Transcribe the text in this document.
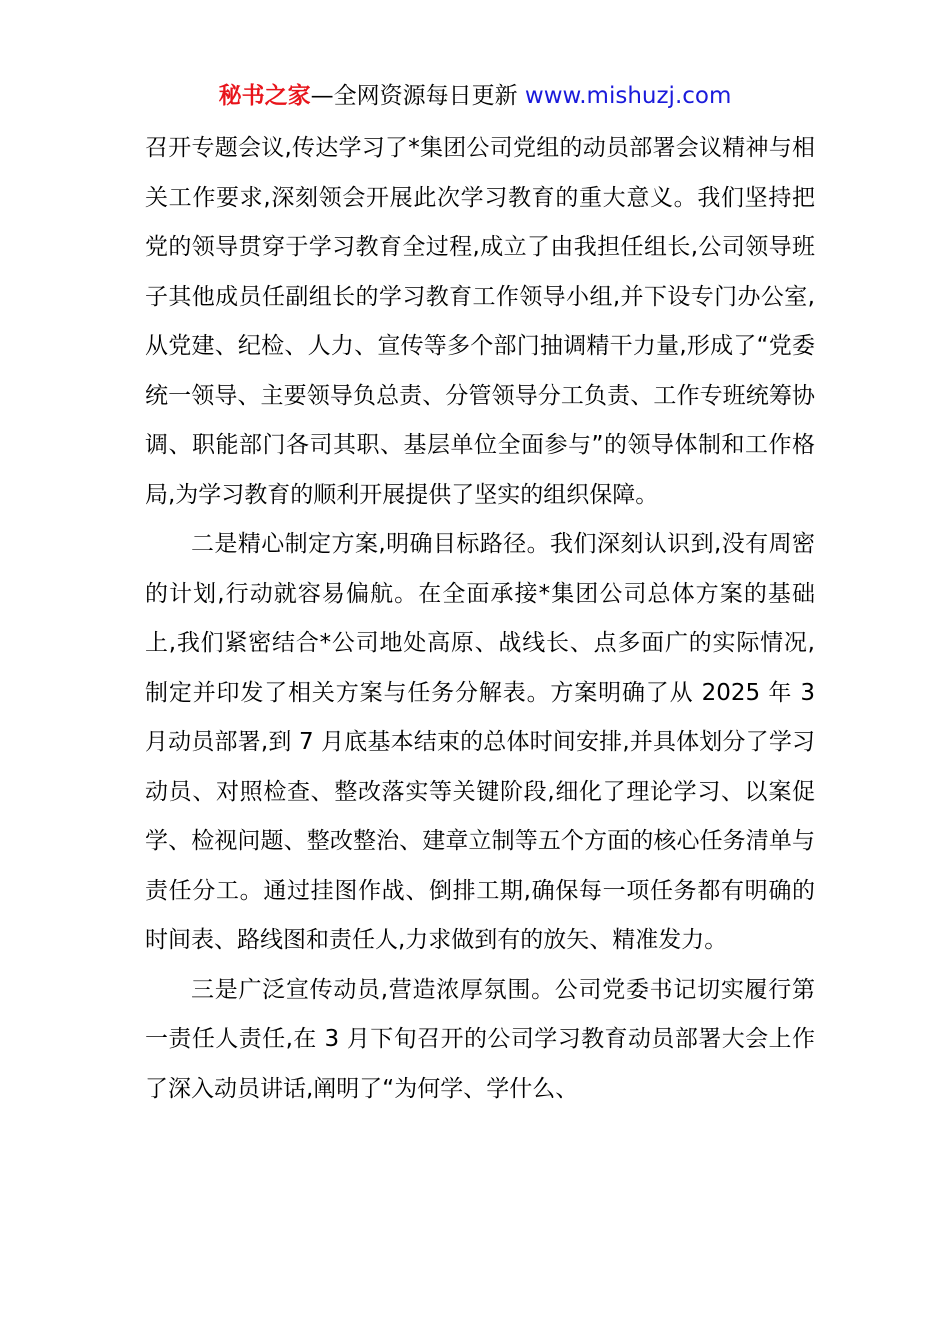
秘书之家—全网资源每日更新 www.mishuzj.com

召开专题会议,传达学习了*集团公司党组的动员部署会议精神与相关工作要求,深刻领会开展此次学习教育的重大意义。我们坚持把党的领导贯穿于学习教育全过程,成立了由我担任组长,公司领导班子其他成员任副组长的学习教育工作领导小组,并下设专门办公室,从党建、纪检、人力、宣传等多个部门抽调精干力量,形成了“党委统一领导、主要领导负总责、分管领导分工负责、工作专班统筹协调、职能部门各司其职、基层单位全面参与”的领导体制和工作格局,为学习教育的顺利开展提供了坚实的组织保障。

二是精心制定方案,明确目标路径。我们深刻认识到,没有周密的计划,行动就容易偏航。在全面承接*集团公司总体方案的基础上,我们紧密结合*公司地处高原、战线长、点多面广的实际情况,制定并印发了相关方案与任务分解表。方案明确了从 2025 年 3 月动员部署,到 7 月底基本结束的总体时间安排,并具体划分了学习动员、对照检查、整改落实等关键阶段,细化了理论学习、以案促学、检视问题、整改整治、建章立制等五个方面的核心任务清单与责任分工。通过挂图作战、倒排工期,确保每一项任务都有明确的时间表、路线图和责任人,力求做到有的放矢、精准发力。

三是广泛宣传动员,营造浓厚氛围。公司党委书记切实履行第一责任人责任,在 3 月下旬召开的公司学习教育动员部署大会上作了深入动员讲话,阐明了“为何学、学什么、
